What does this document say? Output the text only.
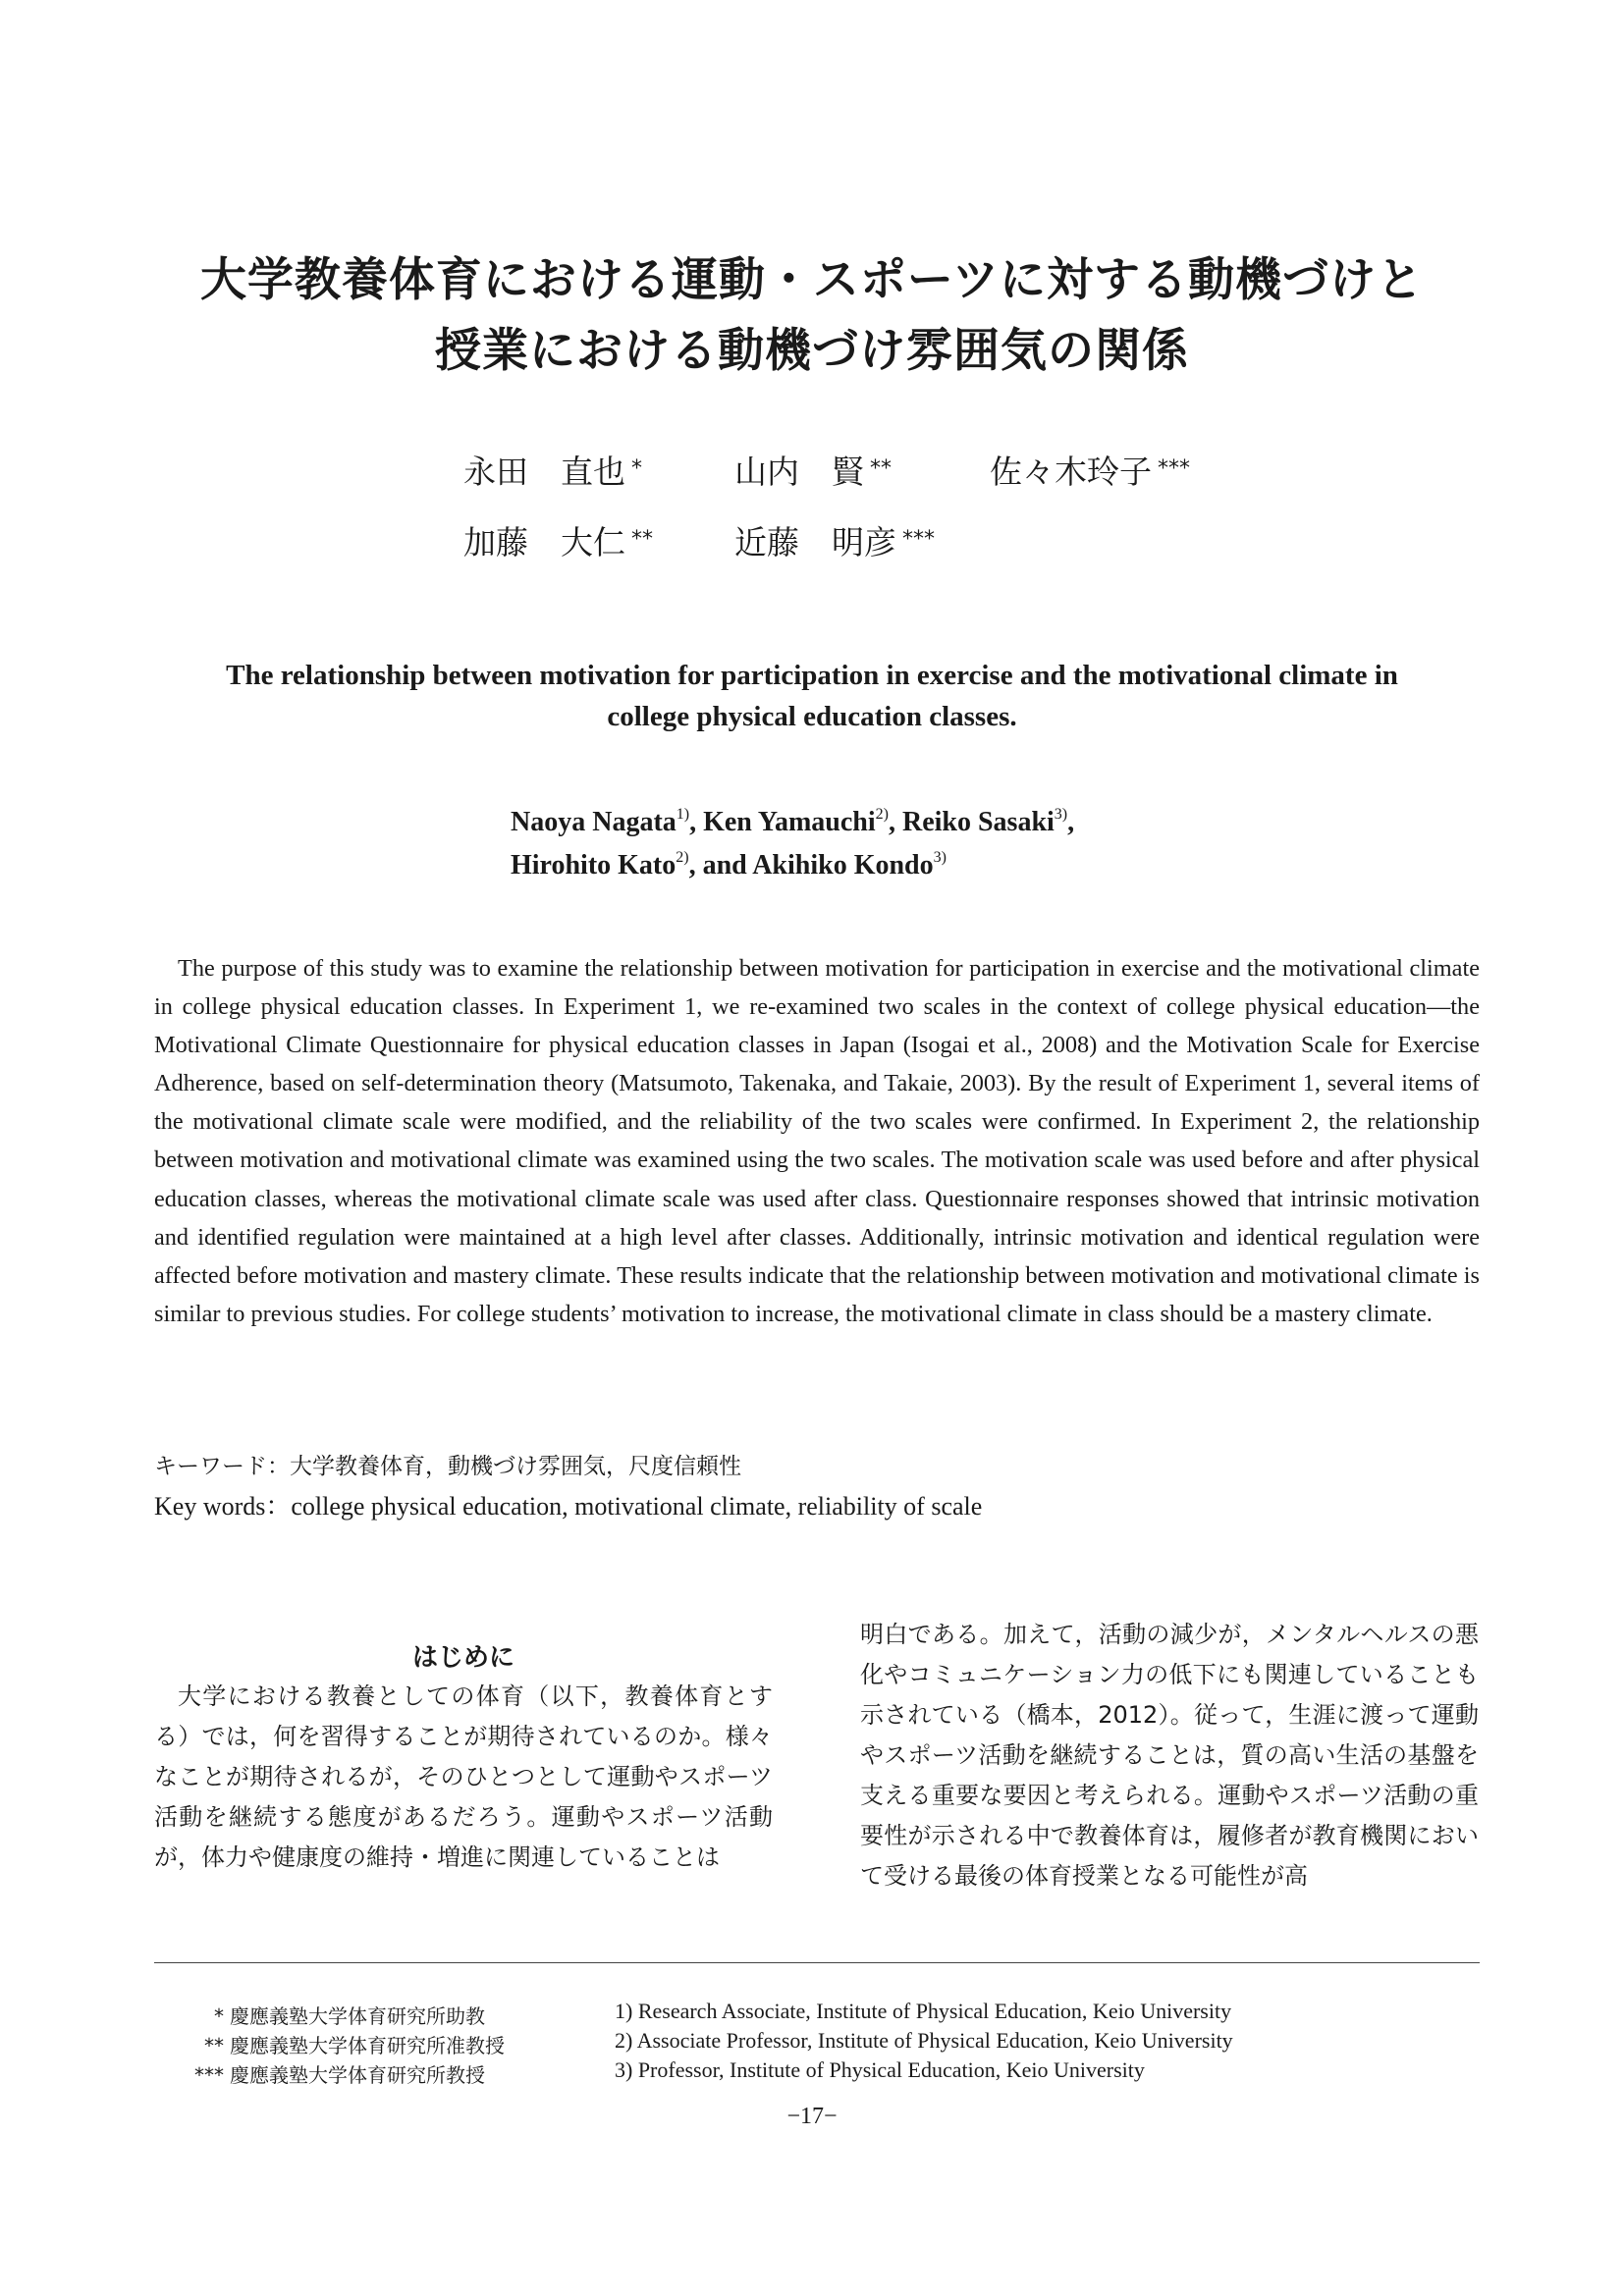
大学教養体育における運動・スポーツに対する動機づけと
授業における動機づけ雰囲気の関係
永田　直也 *	山内　賢 **	佐々木玲子 ***
加藤　大仁 **	近藤　明彦 ***
The relationship between motivation for participation in exercise and the motivational climate in
college physical education classes.
Naoya Nagata$^{1)}$, Ken Yamauchi$^{2)}$, Reiko Sasaki$^{3)}$,
Hirohito Kato$^{2)}$, and Akihiko Kondo$^{3)}$
The purpose of this study was to examine the relationship between motivation for participation in exercise and the motivational climate in college physical education classes. In Experiment 1, we re-examined two scales in the context of college physical education—the Motivational Climate Questionnaire for physical education classes in Japan (Isogai et al., 2008) and the Motivation Scale for Exercise Adherence, based on self-determination theory (Matsumoto, Takenaka, and Takaie, 2003). By the result of Experiment 1, several items of the motivational climate scale were modified, and the reliability of the two scales were confirmed. In Experiment 2, the relationship between motivation and motivational climate was examined using the two scales. The motivation scale was used before and after physical education classes, whereas the motivational climate scale was used after class. Questionnaire responses showed that intrinsic motivation and identified regulation were maintained at a high level after classes. Additionally, intrinsic motivation and identical regulation were affected before motivation and mastery climate. These results indicate that the relationship between motivation and motivational climate is similar to previous studies. For college students’ motivation to increase, the motivational climate in class should be a mastery climate.
キーワード：大学教養体育，動機づけ雰囲気，尺度信頼性
Key words：college physical education, motivational climate, reliability of scale
はじめに

大学における教養としての体育（以下，教養体育とする）では，何を習得することが期待されているのか。様々なことが期待されるが，そのひとつとして運動やスポーツ活動を継続する態度があるだろう。運動やスポーツ活動が，体力や健康度の維持・増進に関連していることは

明白である。加えて，活動の減少が，メンタルヘルスの悪化やコミュニケーション力の低下にも関連していることも示されている（橋本，2012）。従って，生涯に渡って運動やスポーツ活動を継続することは，質の高い生活の基盤を支える重要な要因と考えられる。運動やスポーツ活動の重要性が示される中で教養体育は，履修者が教育機関において受ける最後の体育授業となる可能性が高

* 慶應義塾大学体育研究所助教
** 慶應義塾大学体育研究所准教授
*** 慶應義塾大学体育研究所教授
1) Research Associate, Institute of Physical Education, Keio University
2) Associate Professor, Institute of Physical Education, Keio University
3) Professor, Institute of Physical Education, Keio University
−17−
